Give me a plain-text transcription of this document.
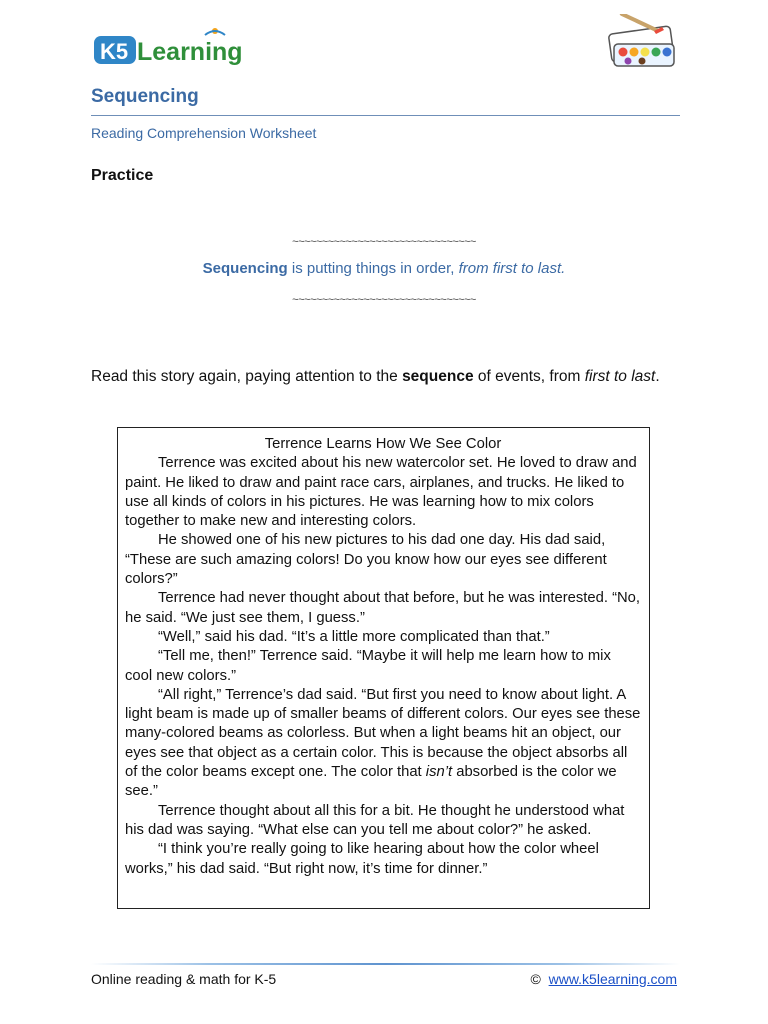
K5 Learning
Sequencing
Reading Comprehension Worksheet
Practice
~~~~~~~~~~~~~~~~~~~~~~~~~~~~~~~
Sequencing is putting things in order, from first to last.
~~~~~~~~~~~~~~~~~~~~~~~~~~~~~~~
Read this story again, paying attention to the sequence of events, from first to last.
Terrence Learns How We See Color

Terrence was excited about his new watercolor set. He loved to draw and paint. He liked to draw and paint race cars, airplanes, and trucks. He liked to use all kinds of colors in his pictures. He was learning how to mix colors together to make new and interesting colors.

He showed one of his new pictures to his dad one day. His dad said, “These are such amazing colors! Do you know how our eyes see different colors?”

Terrence had never thought about that before, but he was interested. “No, he said. “We just see them, I guess.”

“Well,” said his dad. “It’s a little more complicated than that.”

“Tell me, then!” Terrence said. “Maybe it will help me learn how to mix cool new colors.”

“All right,” Terrence’s dad said. “But first you need to know about light. A light beam is made up of smaller beams of different colors. Our eyes see these many-colored beams as colorless. But when a light beams hit an object, our eyes see that object as a certain color. This is because the object absorbs all of the color beams except one. The color that isn’t absorbed is the color we see.”

Terrence thought about all this for a bit. He thought he understood what his dad was saying. “What else can you tell me about color?” he asked.

“I think you’re really going to like hearing about how the color wheel works,” his dad said. “But right now, it’s time for dinner.”

Online reading & math for K-5	© www.k5learning.com
